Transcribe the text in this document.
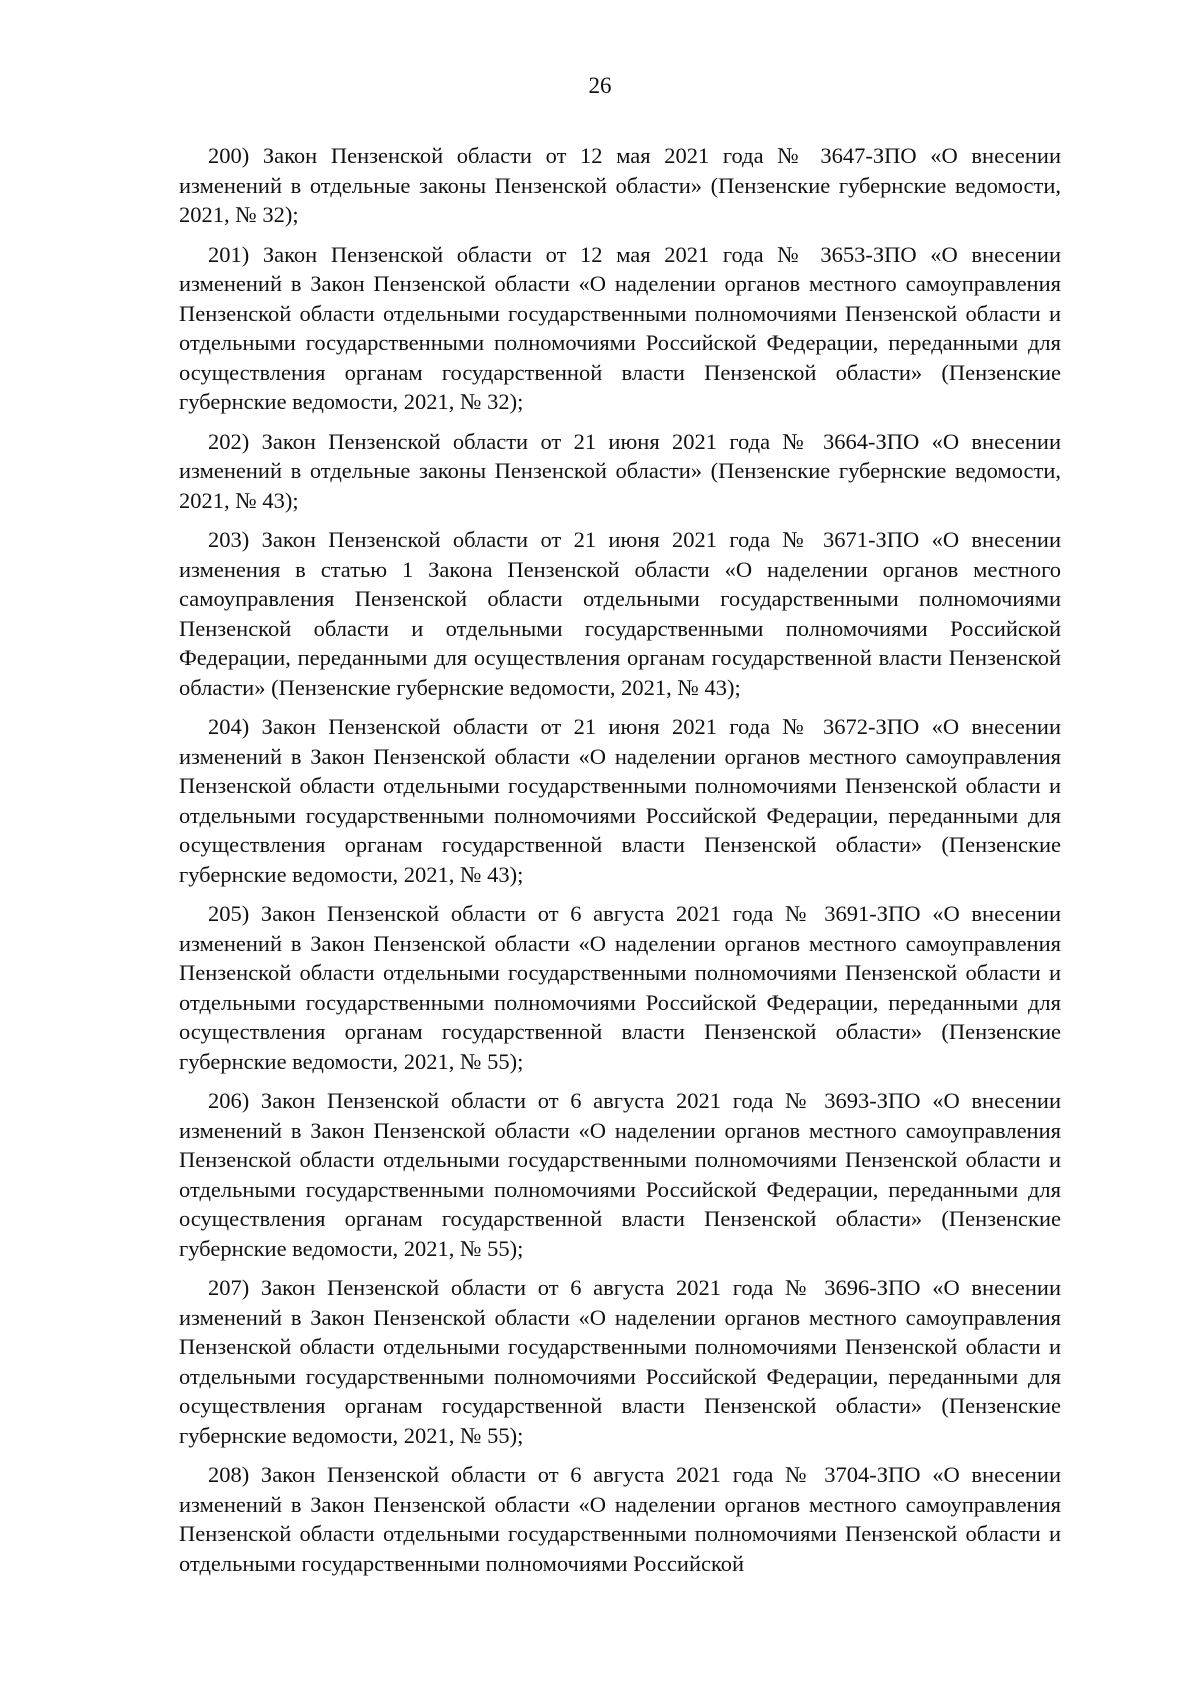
26

200) Закон Пензенской области от 12 мая 2021 года № 3647-ЗПО «О внесении изменений в отдельные законы Пензенской области» (Пензенские губернские ведомости, 2021, № 32);

201) Закон Пензенской области от 12 мая 2021 года № 3653-ЗПО «О внесении изменений в Закон Пензенской области «О наделении органов местного самоуправления Пензенской области отдельными государственными полномочиями Пензенской области и отдельными государственными полномочиями Российской Федерации, переданными для осуществления органам государственной власти Пензенской области» (Пензенские губернские ведомости, 2021, № 32);

202) Закон Пензенской области от 21 июня 2021 года № 3664-ЗПО «О внесении изменений в отдельные законы Пензенской области» (Пензенские губернские ведомости, 2021, № 43);

203) Закон Пензенской области от 21 июня 2021 года № 3671-ЗПО «О внесении изменения в статью 1 Закона Пензенской области «О наделении органов местного самоуправления Пензенской области отдельными государственными полномочиями Пензенской области и отдельными государственными полномочиями Российской Федерации, переданными для осуществления органам государственной власти Пензенской области» (Пензенские губернские ведомости, 2021, № 43);

204) Закон Пензенской области от 21 июня 2021 года № 3672-ЗПО «О внесении изменений в Закон Пензенской области «О наделении органов местного самоуправления Пензенской области отдельными государственными полномочиями Пензенской области и отдельными государственными полномочиями Российской Федерации, переданными для осуществления органам государственной власти Пензенской области» (Пензенские губернские ведомости, 2021, № 43);

205) Закон Пензенской области от 6 августа 2021 года № 3691-ЗПО «О внесении изменений в Закон Пензенской области «О наделении органов местного самоуправления Пензенской области отдельными государственными полномочиями Пензенской области и отдельными государственными полномочиями Российской Федерации, переданными для осуществления органам государственной власти Пензенской области» (Пензенские губернские ведомости, 2021, № 55);

206) Закон Пензенской области от 6 августа 2021 года № 3693-ЗПО «О внесении изменений в Закон Пензенской области «О наделении органов местного самоуправления Пензенской области отдельными государственными полномочиями Пензенской области и отдельными государственными полномочиями Российской Федерации, переданными для осуществления органам государственной власти Пензенской области» (Пензенские губернские ведомости, 2021, № 55);

207) Закон Пензенской области от 6 августа 2021 года № 3696-ЗПО «О внесении изменений в Закон Пензенской области «О наделении органов местного самоуправления Пензенской области отдельными государственными полномочиями Пензенской области и отдельными государственными полномочиями Российской Федерации, переданными для осуществления органам государственной власти Пензенской области» (Пензенские губернские ведомости, 2021, № 55);

208) Закон Пензенской области от 6 августа 2021 года № 3704-ЗПО «О внесении изменений в Закон Пензенской области «О наделении органов местного самоуправления Пензенской области отдельными государственными полномочиями Пензенской области и отдельными государственными полномочиями Российской
